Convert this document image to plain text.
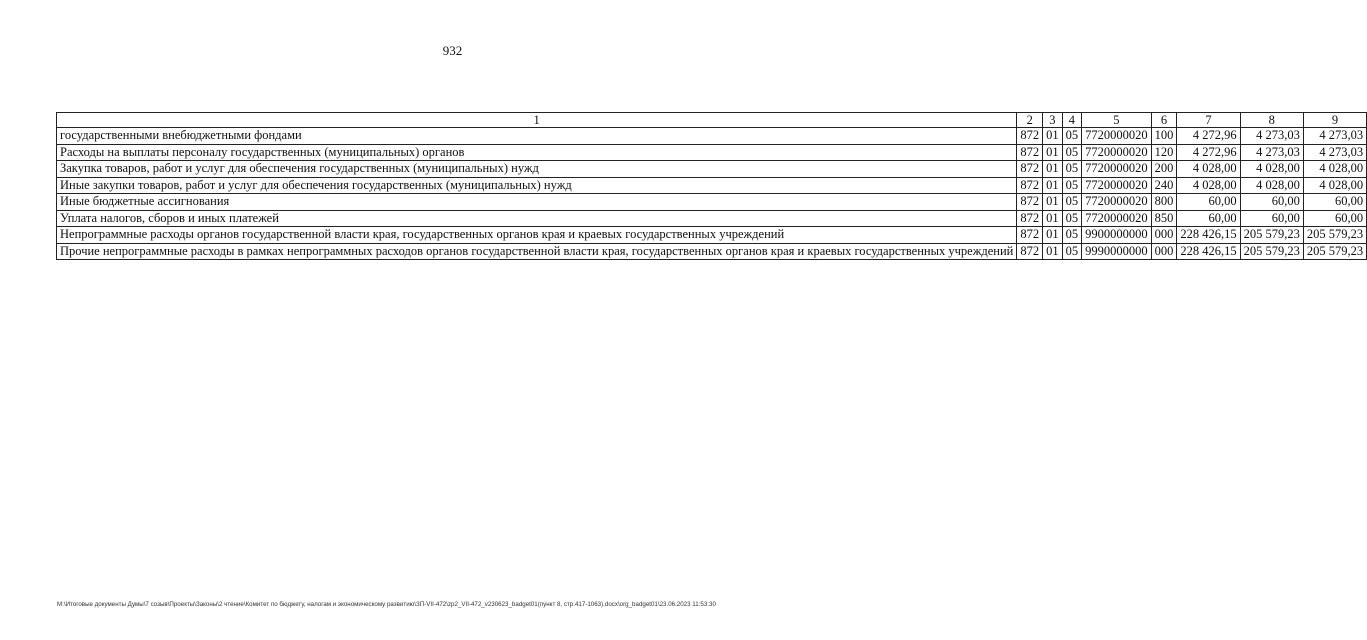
932
1	2	3	4	5	6	7	8	9
государственными внебюджетными фондами	872	01	05	7720000020	100	4 272,96	4 273,03	4 273,03
Расходы на выплаты персоналу государственных (муниципальных) органов	872	01	05	7720000020	120	4 272,96	4 273,03	4 273,03
Закупка товаров, работ и услуг для обеспечения государственных (муниципальных) нужд	872	01	05	7720000020	200	4 028,00	4 028,00	4 028,00
Иные закупки товаров, работ и услуг для обеспечения государственных (муниципальных) нужд	872	01	05	7720000020	240	4 028,00	4 028,00	4 028,00
Иные бюджетные ассигнования	872	01	05	7720000020	800	60,00	60,00	60,00
Уплата налогов, сборов и иных платежей	872	01	05	7720000020	850	60,00	60,00	60,00
Непрограммные расходы органов государственной власти края, государственных органов края и краевых государственных учреждений	872	01	05	9900000000	000	228 426,15	205 579,23	205 579,23
Прочие непрограммные расходы в рамках непрограммных расходов органов государственной власти края, государственных органов края и краевых государственных учреждений	872	01	05	9990000000	000	228 426,15	205 579,23	205 579,23
M:\Итоговые документы Думы\7 созыв\Проекты\Законы\2 чтение\Комитет по бюджету, налогам и экономическому развитию\ЗП-VII-472\zp2_VII-472_v230623_badget01(пункт 8, стр.417-1063).docx\org_badget01\23.06.2023 11:53:30
